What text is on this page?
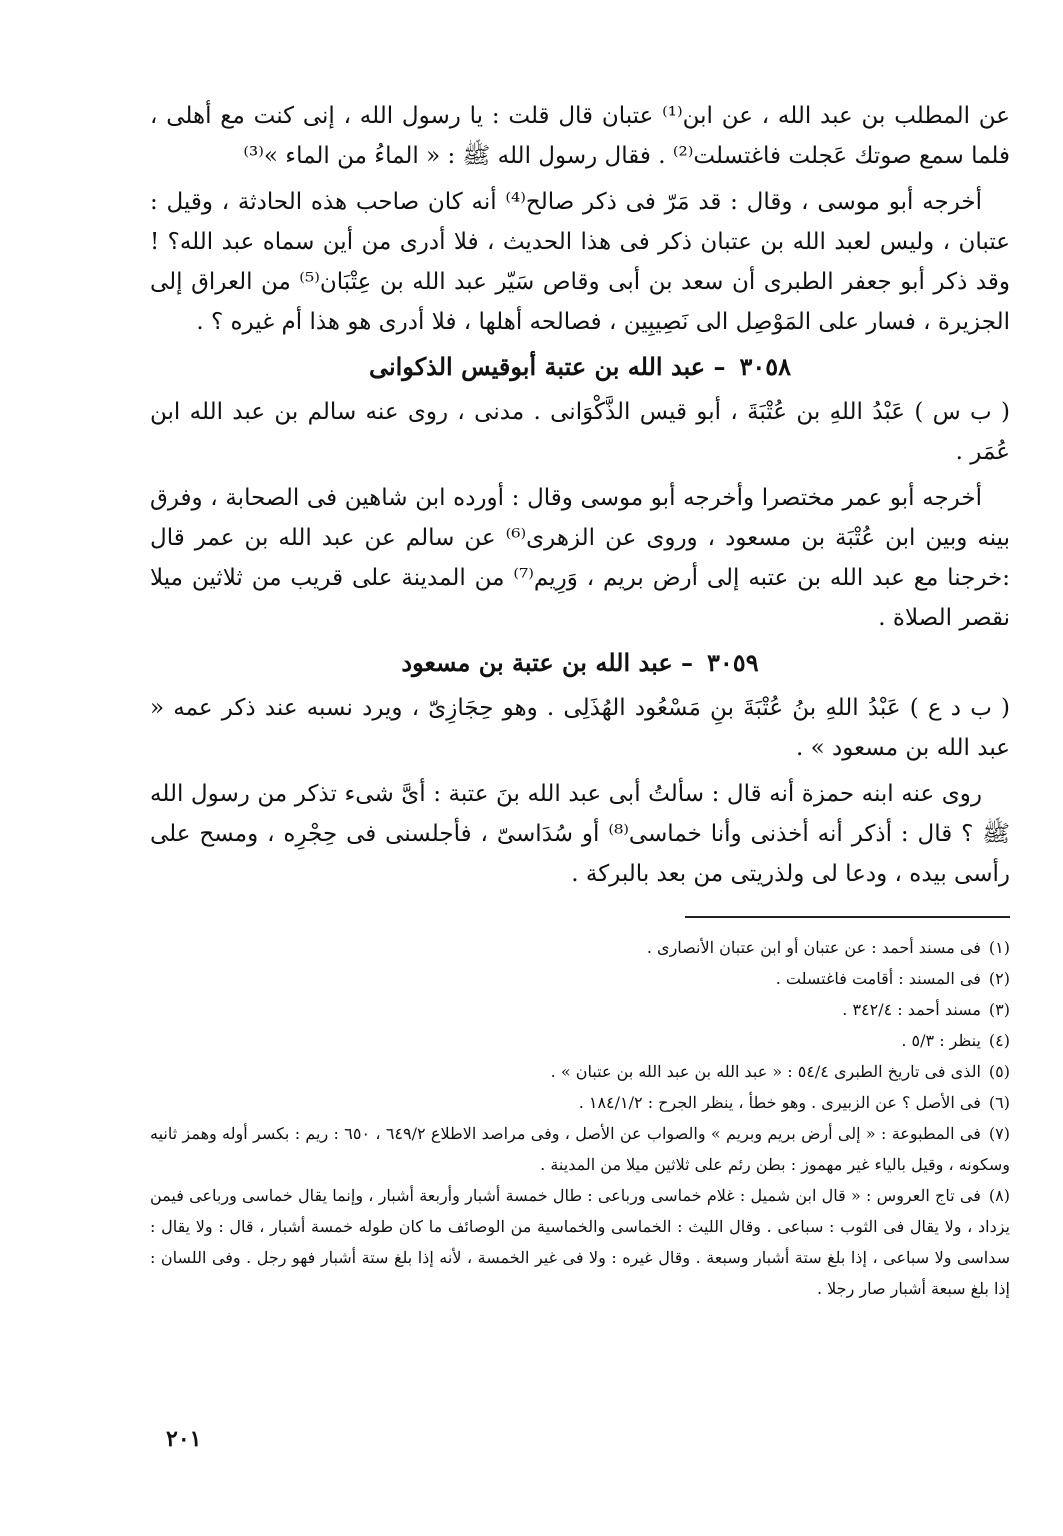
عن المطلب بن عبد الله ، عن ابن⁽¹⁾ عتبان قال قلت : يا رسول الله ، إنى كنت مع أهلى ، فلما سمع صوتك عَجلت فاغتسلت⁽²⁾ . فقال رسول الله ﷺ : « الماءُ من الماء »⁽³⁾

أخرجه أبو موسى ، وقال : قد مَرّ فى ذكر صالح⁽⁴⁾ أنه كان صاحب هذه الحادثة ، وقيل : عتبان ، وليس لعبد الله بن عتبان ذكر فى هذا الحديث ، فلا أدرى من أين سماه عبد الله؟ ! وقد ذكر أبو جعفر الطبرى أن سعد بن أبى وقاص سَيّر عبد الله بن عِتْبَان⁽⁵⁾ من العراق إلى الجزيرة ، فسار على المَوْصِل الى نَصِيبِين ، فصالحه أهلها ، فلا أدرى هو هذا أم غيره ؟ .

٣٠٥٨– عبد الله بن عتبة أبوقيس الذكوانى

( ب س ) عَبْدُ اللهِ بن عُتْبَةَ ، أبو قيس الذَّكْوَانى . مدنى ، روى عنه سالم بن عبد الله ابن عُمَر .

أخرجه أبو عمر مختصرا وأخرجه أبو موسى وقال : أورده ابن شاهين فى الصحابة ، وفرق بينه وبين ابن عُتْبَة بن مسعود ، وروى عن الزهرى⁽⁶⁾ عن سالم عن عبد الله بن عمر قال :خرجنا مع عبد الله بن عتبه إلى أرض بريم ، وَرِيم⁽⁷⁾ من المدينة على قريب من ثلاثين ميلا نقصر الصلاة .

٣٠٥٩– عبد الله بن عتبة بن مسعود

( ب د ع ) عَبْدُ اللهِ بنُ عُتْبَةَ بنِ مَسْعُود الهُذَلِى . وهو حِجَازِىّ ، ويرد نسبه عند ذكر عمه « عبد الله بن مسعود » .

روى عنه ابنه حمزة أنه قال : سألتُ أبى عبد الله بنَ عتبة : أىَّ شىء تذكر من رسول الله ﷺ ؟ قال : أذكر أنه أخذنى وأنا خماسى⁽⁸⁾ أو سُدَاسىّ ، فأجلسنى فى حِجْرِه ، ومسح على رأسى بيده ، ودعا لى ولذريتى من بعد بالبركة .

(١)فى مسند أحمد : عن عتبان أو ابن عتبان الأنصارى .
(٢)فى المسند : أقامت فاغتسلت .
(٣)مسند أحمد : ٣٤٢/٤ .
(٤)ينظر : ٥/٣ .
(٥)الذى فى تاريخ الطبرى ٥٤/٤ : « عبد الله بن عبد الله بن عتبان » .
(٦)فى الأصل ؟ عن الزبيرى . وهو خطأ ، ينظر الجرح : ١٨٤/١/٢ .
(٧)فى المطبوعة : « إلى أرض بريم وبريم » والصواب عن الأصل ، وفى مراصد الاطلاع ٦٤٩/٢ ، ٦٥٠ : ريم : بكسر أوله وهمز ثانيه وسكونه ، وقيل بالياء غير مهموز : بطن رئم على ثلاثين ميلا من المدينة .
(٨)فى تاج العروس : « قال ابن شميل : غلام خماسى ورباعى : طال خمسة أشبار وأربعة أشبار ، وإنما يقال خماسى ورباعى فيمن يزداد ، ولا يقال فى الثوب : سباعى . وقال الليث : الخماسى والخماسية من الوصائف ما كان طوله خمسة أشبار ، قال : ولا يقال : سداسى ولا سباعى ، إذا بلغ ستة أشبار وسبعة . وقال غيره : ولا فى غير الخمسة ، لأنه إذا بلغ ستة أشبار فهو رجل . وفى اللسان : إذا بلغ سبعة أشبار صار رجلا .
٢٠١
